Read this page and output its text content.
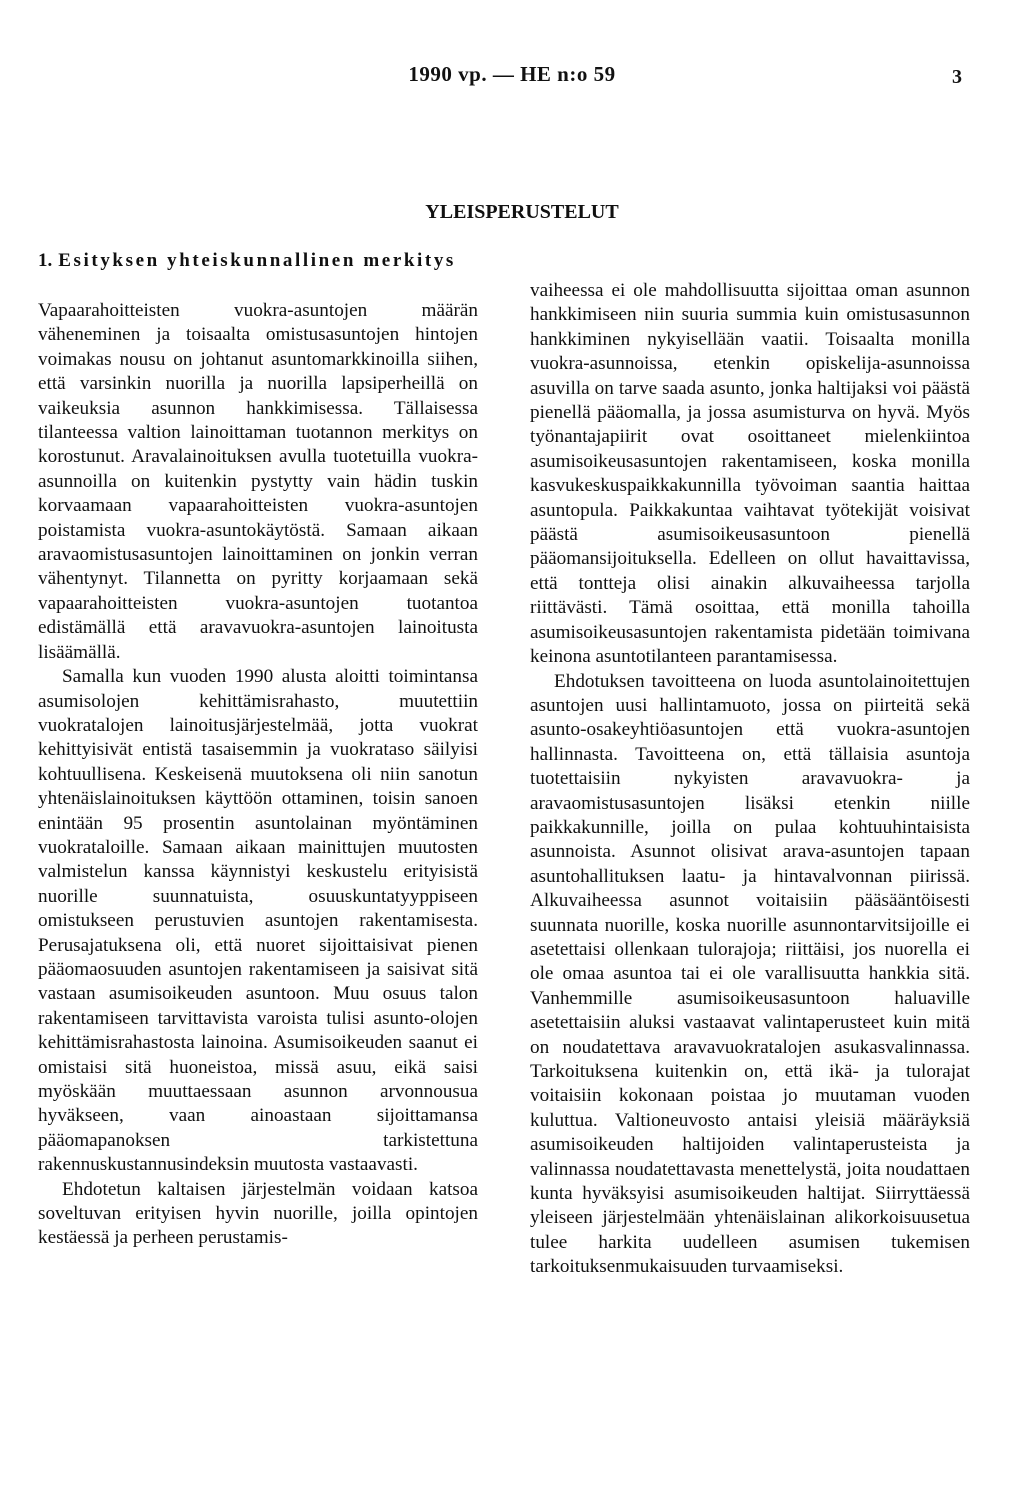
1990 vp. — HE n:o 59	3
YLEISPERUSTELUT
1. Esityksen yhteiskunnallinen merkitys

Vapaarahoitteisten vuokra-asuntojen määrän väheneminen ja toisaalta omistusasuntojen hintojen voimakas nousu on johtanut asuntomarkkinoilla siihen, että varsinkin nuorilla ja nuorilla lapsiperheillä on vaikeuksia asunnon hankkimisessa. Tällaisessa tilanteessa valtion lainoittaman tuotannon merkitys on korostunut. Aravalainoituksen avulla tuotetuilla vuokra-asunnoilla on kuitenkin pystytty vain hädin tuskin korvaamaan vapaarahoitteisten vuokra-asuntojen poistamista vuokra-asuntokäytöstä. Samaan aikaan aravaomistusasuntojen lainoittaminen on jonkin verran vähentynyt. Tilannetta on pyritty korjaamaan sekä vapaarahoitteisten vuokra-asuntojen tuotantoa edistämällä että aravavuokra-asuntojen lainoitusta lisäämällä.

Samalla kun vuoden 1990 alusta aloitti toimintansa asumisolojen kehittämisrahasto, muutettiin vuokratalojen lainoitusjärjestelmää, jotta vuokrat kehittyisivät entistä tasaisemmin ja vuokrataso säilyisi kohtuullisena. Keskeisenä muutoksena oli niin sanotun yhtenäislainoituksen käyttöön ottaminen, toisin sanoen enintään 95 prosentin asuntolainan myöntäminen vuokrataloille. Samaan aikaan mainittujen muutosten valmistelun kanssa käynnistyi keskustelu erityisistä nuorille suunnatuista, osuuskuntatyyppiseen omistukseen perustuvien asuntojen rakentamisesta. Perusajatuksena oli, että nuoret sijoittaisivat pienen pääomaosuuden asuntojen rakentamiseen ja saisivat sitä vastaan asumisoikeuden asuntoon. Muu osuus talon rakentamiseen tarvittavista varoista tulisi asunto-olojen kehittämisrahastosta lainoina. Asumisoikeuden saanut ei omistaisi sitä huoneistoa, missä asuu, eikä saisi myöskään muuttaessaan asunnon arvonnousua hyväkseen, vaan ainoastaan sijoittamansa pääomapanoksen tarkistettuna rakennuskustannusindeksin muutosta vastaavasti.

Ehdotetun kaltaisen järjestelmän voidaan katsoa soveltuvan erityisen hyvin nuorille, joilla opintojen kestäessä ja perheen perustamis-

vaiheessa ei ole mahdollisuutta sijoittaa oman asunnon hankkimiseen niin suuria summia kuin omistusasunnon hankkiminen nykyisellään vaatii. Toisaalta monilla vuokra-asunnoissa, etenkin opiskelija-asunnoissa asuvilla on tarve saada asunto, jonka haltijaksi voi päästä pienellä pääomalla, ja jossa asumisturva on hyvä. Myös työnantajapiirit ovat osoittaneet mielenkiintoa asumisoikeusasuntojen rakentamiseen, koska monilla kasvukeskuspaikkakunnilla työvoiman saantia haittaa asuntopula. Paikkakuntaa vaihtavat työtekijät voisivat päästä asumisoikeusasuntoon pienellä pääomansijoituksella. Edelleen on ollut havaittavissa, että tontteja olisi ainakin alkuvaiheessa tarjolla riittävästi. Tämä osoittaa, että monilla tahoilla asumisoikeusasuntojen rakentamista pidetään toimivana keinona asuntotilanteen parantamisessa.

Ehdotuksen tavoitteena on luoda asuntolainoitettujen asuntojen uusi hallintamuoto, jossa on piirteitä sekä asunto-osakeyhtiöasuntojen että vuokra-asuntojen hallinnasta. Tavoitteena on, että tällaisia asuntoja tuotettaisiin nykyisten aravavuokra- ja aravaomistusasuntojen lisäksi etenkin niille paikkakunnille, joilla on pulaa kohtuuhintaisista asunnoista. Asunnot olisivat arava-asuntojen tapaan asuntohallituksen laatu- ja hintavalvonnan piirissä. Alkuvaiheessa asunnot voitaisiin pääsääntöisesti suunnata nuorille, koska nuorille asunnontarvitsijoille ei asetettaisi ollenkaan tulorajoja; riittäisi, jos nuorella ei ole omaa asuntoa tai ei ole varallisuutta hankkia sitä. Vanhemmille asumisoikeusasuntoon haluaville asetettaisiin aluksi vastaavat valintaperusteet kuin mitä on noudatettava aravavuokratalojen asukasvalinnassa. Tarkoituksena kuitenkin on, että ikä- ja tulorajat voitaisiin kokonaan poistaa jo muutaman vuoden kuluttua. Valtioneuvosto antaisi yleisiä määräyksiä asumisoikeuden haltijoiden valintaperusteista ja valinnassa noudatettavasta menettelystä, joita noudattaen kunta hyväksyisi asumisoikeuden haltijat. Siirryttäessä yleiseen järjestelmään yhtenäislainan alikorkoisuusetua tulee harkita uudelleen asumisen tukemisen tarkoituksenmukaisuuden turvaamiseksi.
